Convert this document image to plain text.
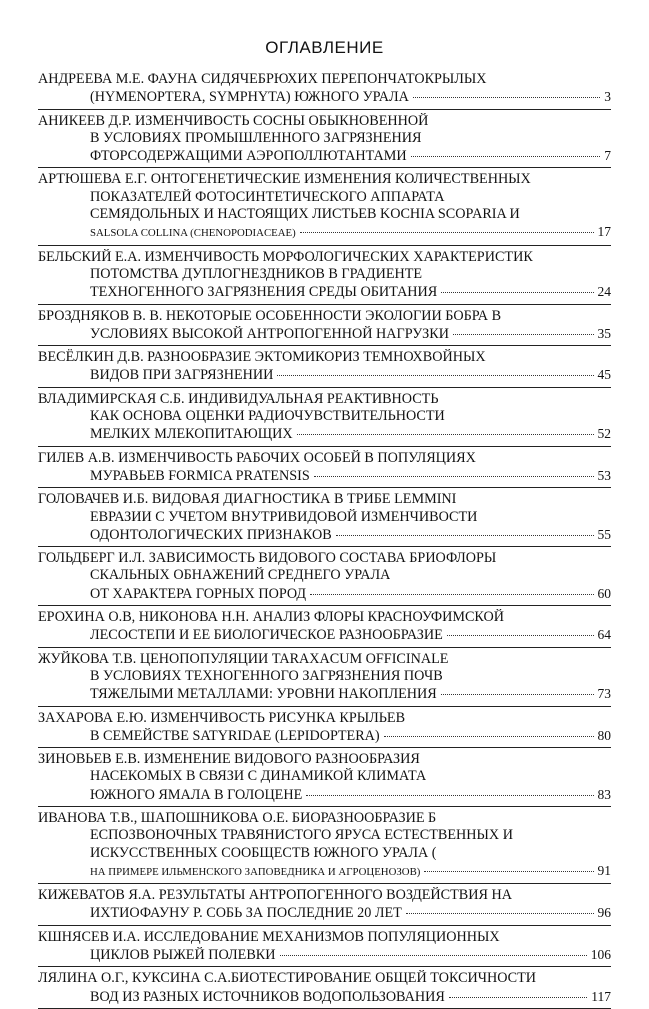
ОГЛАВЛЕНИЕ
АНДРЕЕВА М.Е. ФАУНА СИДЯЧЕБРЮХИХ ПЕРЕПОНЧАТОКРЫЛЫХ
(HYMENOPTERA, SYMPHYTA) ЮЖНОГО УРАЛА	3
АНИКЕЕВ Д.Р. ИЗМЕНЧИВОСТЬ СОСНЫ ОБЫКНОВЕННОЙ
В УСЛОВИЯХ ПРОМЫШЛЕННОГО ЗАГРЯЗНЕНИЯ
ФТОРСОДЕРЖАЩИМИ АЭРОПОЛЛЮТАНТАМИ	7
АРТЮШЕВА Е.Г. ОНТОГЕНЕТИЧЕСКИЕ ИЗМЕНЕНИЯ КОЛИЧЕСТВЕННЫХ
ПОКАЗАТЕЛЕЙ ФОТОСИНТЕТИЧЕСКОГО АППАРАТА
СЕМЯДОЛЬНЫХ И НАСТОЯЩИХ ЛИСТЬЕВ KOCHIA SCOPARIA И
SALSOLA COLLINA (CHENOPODIACEAE)	17
БЕЛЬСКИЙ Е.А. ИЗМЕНЧИВОСТЬ МОРФОЛОГИЧЕСКИХ ХАРАКТЕРИСТИК
ПОТОМСТВА ДУПЛОГНЕЗДНИКОВ В ГРАДИЕНТЕ
ТЕХНОГЕННОГО ЗАГРЯЗНЕНИЯ СРЕДЫ ОБИТАНИЯ	24
БРОЗДНЯКOВ В. В. НЕКОТОРЫЕ ОСОБЕННОСТИ ЭКОЛОГИИ БОБРА В
УСЛОВИЯХ ВЫСОКОЙ АНТРОПОГЕННОЙ НАГРУЗКИ	35
ВЕСЁЛКИН Д.В. РАЗНООБРАЗИЕ ЭКТОМИКОРИЗ ТЕМНОХВОЙНЫХ
ВИДОВ ПРИ ЗАГРЯЗНЕНИИ	45
ВЛАДИМИРСКАЯ С.Б. ИНДИВИДУАЛЬНАЯ РЕАКТИВНОСТЬ
КАК ОСНОВА ОЦЕНКИ РАДИОЧУВСТВИТЕЛЬНОСТИ
МЕЛКИХ МЛЕКОПИТАЮЩИХ	52
ГИЛЕВ А.В. ИЗМЕНЧИВОСТЬ РАБОЧИХ ОСОБЕЙ В ПОПУЛЯЦИЯХ
МУРАВЬЕВ FORMICA PRATENSIS	53
ГОЛОВАЧЕВ И.Б. ВИДОВАЯ ДИАГНОСТИКА В ТРИБЕ LEMMINI
ЕВРАЗИИ С УЧЕТОМ ВНУТРИВИДОВОЙ ИЗМЕНЧИВОСТИ
ОДОНТОЛОГИЧЕСКИХ ПРИЗНАКОВ	55
ГОЛЬДБЕРГ И.Л. ЗАВИСИМОСТЬ ВИДОВОГО СОСТАВА БРИОФЛОРЫ
СКАЛЬНЫХ ОБНАЖЕНИЙ СРЕДНЕГО УРАЛА
ОТ ХАРАКТЕРА ГОРНЫХ ПОРОД	60
ЕРОХИНА О.В, НИКОНОВА Н.Н. АНАЛИЗ ФЛОРЫ КРАСНОУФИМСКОЙ
ЛЕСОСТЕПИ И ЕЕ БИОЛОГИЧЕСКОЕ РАЗНООБРАЗИЕ	64
ЖУЙКОВА Т.В. ЦЕНОПОПУЛЯЦИИ TARAXACUM OFFICINALE
В УСЛОВИЯХ ТЕХНОГЕННОГО ЗАГРЯЗНЕНИЯ ПОЧВ
ТЯЖЕЛЫМИ МЕТАЛЛАМИ: УРОВНИ НАКОПЛЕНИЯ	73
ЗАХАРОВА Е.Ю. ИЗМЕНЧИВОСТЬ РИСУНКА КРЫЛЬЕВ
В СЕМЕЙСТВЕ SATYRIDAE (LEPIDOPTERA)	80
ЗИНОВЬЕВ Е.В. ИЗМЕНЕНИЕ ВИДОВОГО РАЗНООБРАЗИЯ
НАСЕКОМЫХ В СВЯЗИ С ДИНАМИКОЙ КЛИМАТА
ЮЖНОГО ЯМАЛА В ГОЛОЦЕНЕ	83
ИВАНОВА Т.В., ШАПОШНИКОВА О.Е. БИОРАЗНООБРАЗИЕ Б
ЕСПОЗВОНОЧНЫХ ТРАВЯНИСТОГО ЯРУСА ЕСТЕСТВЕННЫХ И
ИСКУССТВЕННЫХ СООБЩЕСТВ ЮЖНОГО УРАЛА (
НА ПРИМЕРЕ ИЛЬМЕНСКОГО ЗАПОВЕДНИКА И АГРОЦЕНОЗОВ)	91
КИЖЕВАТОВ Я.А. РЕЗУЛЬТАТЫ АНТРОПОГЕННОГО ВОЗДЕЙСТВИЯ НА
ИХТИОФАУНУ Р. СОБЬ ЗА ПОСЛЕДНИЕ 20 ЛЕТ	96
КШНЯСЕВ И.А. ИССЛЕДОВАНИЕ МЕХАНИЗМОВ ПОПУЛЯЦИОННЫХ
ЦИКЛОВ РЫЖЕЙ ПОЛЕВКИ	106
ЛЯЛИНА О.Г., КУКСИНА С.А.БИОТЕСТИРОВАНИЕ ОБЩЕЙ ТОКСИЧНОСТИ
ВОД ИЗ РАЗНЫХ ИСТОЧНИКОВ ВОДОПОЛЬЗОВАНИЯ	117
